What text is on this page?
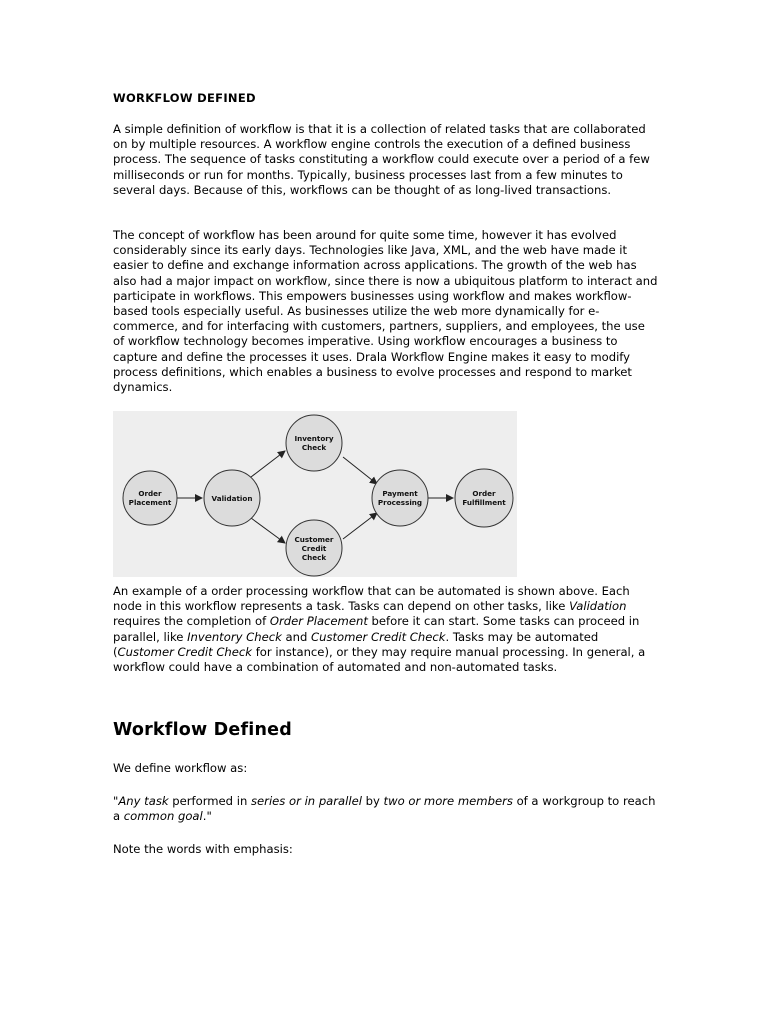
WORKFLOW DEFINED

A simple definition of workflow is that it is a collection of related tasks that are collaborated on by multiple resources. A workflow engine controls the execution of a defined business process. The sequence of tasks constituting a workflow could execute over a period of a few milliseconds or run for months. Typically, business processes last from a few minutes to several days. Because of this, workflows can be thought of as long-lived transactions.

The concept of workflow has been around for quite some time, however it has evolved considerably since its early days. Technologies like Java, XML, and the web have made it easier to define and exchange information across applications. The growth of the web has also had a major impact on workflow, since there is now a ubiquitous platform to interact and participate in workflows. This empowers businesses using workflow and makes workflow-based tools especially useful. As businesses utilize the web more dynamically for e-commerce, and for interfacing with customers, partners, suppliers, and employees, the use of workflow technology becomes imperative. Using workflow encourages a business to capture and define the processes it uses. Drala Workflow Engine makes it easy to modify process definitions, which enables a business to evolve processes and respond to market dynamics.

Order
Placement	Validation
Inventory
Check
Customer
Credit
Check
Payment
Processing
Order
Fulfillment

An example of a order processing workflow that can be automated is shown above. Each node in this workflow represents a task. Tasks can depend on other tasks, like Validation requires the completion of Order Placement before it can start. Some tasks can proceed in parallel, like Inventory Check and Customer Credit Check. Tasks may be automated (Customer Credit Check for instance), or they may require manual processing. In general, a workflow could have a combination of automated and non-automated tasks.

Workflow Defined

We define workflow as:

"Any task performed in series or in parallel by two or more members of a workgroup to reach a common goal."

Note the words with emphasis:
